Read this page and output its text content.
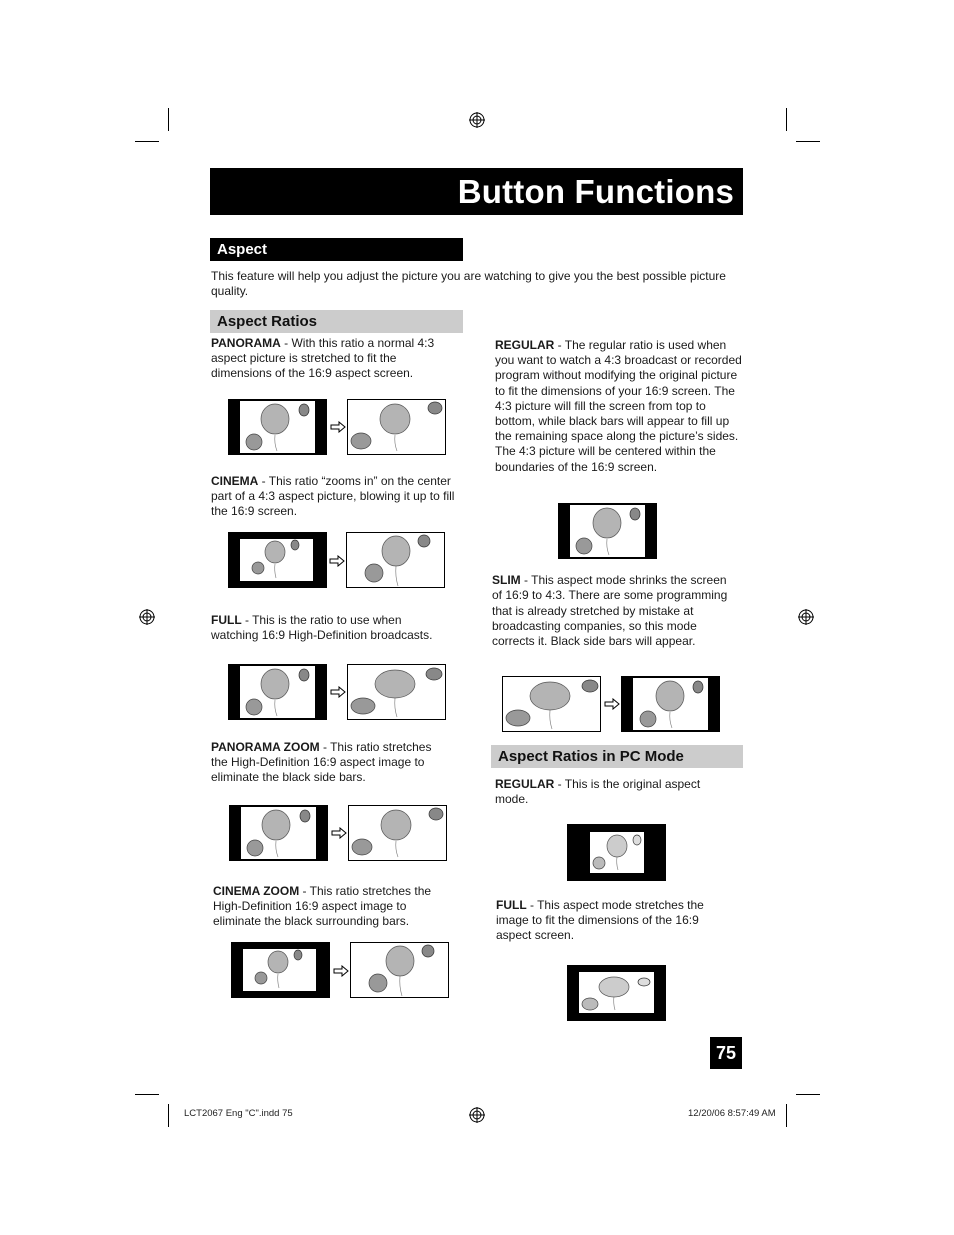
Button Functions
Aspect
This feature will help you adjust the picture you are watching to give you the best possible picture quality.
Aspect Ratios
PANORAMA - With this ratio a normal 4:3 aspect picture is stretched to fit the dimensions of the 16:9 aspect screen.
CINEMA - This ratio “zooms in” on the center part of a 4:3 aspect picture, blowing it up to fill the 16:9 screen.
FULL - This is the ratio to use when watching 16:9 High-Definition broadcasts.
PANORAMA ZOOM - This ratio stretches the High-Definition 16:9 aspect image to eliminate the black side bars.
CINEMA ZOOM - This ratio stretches the High-Definition 16:9 aspect image to eliminate the black surrounding bars.
REGULAR - The regular ratio is used when you want to watch a 4:3 broadcast or recorded program without modifying the original picture to fit the dimensions of your 16:9 screen. The 4:3 picture will fill the screen from top to bottom, while black bars will appear to fill up the remaining space along the picture’s sides. The 4:3 picture will be centered within the boundaries of the 16:9 screen.
SLIM - This aspect mode shrinks the screen of 16:9 to 4:3. There are some programming that is already stretched by mistake at broadcasting companies, so this mode corrects it. Black side bars will appear.
Aspect Ratios in PC Mode
REGULAR - This is the original aspect mode.
FULL - This aspect mode stretches the image to fit the dimensions of the 16:9 aspect screen.
75
LCT2067 Eng "C".indd 75	12/20/06 8:57:49 AM
